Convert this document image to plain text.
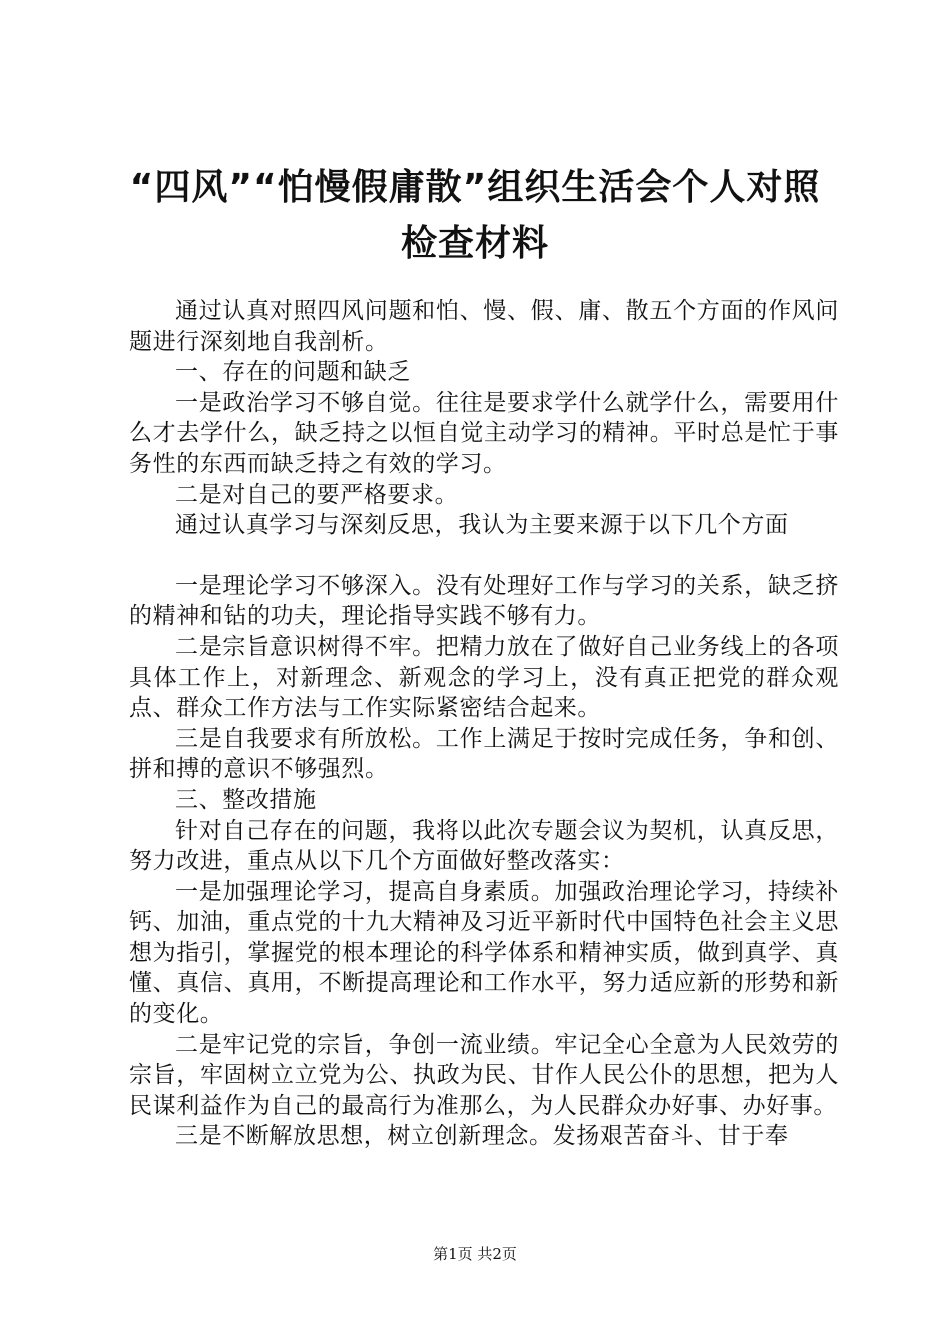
“四风”“怕慢假庸散”组织生活会个人对照
检查材料

通过认真对照四风问题和怕、慢、假、庸、散五个方面的作风问题进行深刻地自我剖析。

一、存在的问题和缺乏

一是政治学习不够自觉。往往是要求学什么就学什么，需要用什么才去学什么，缺乏持之以恒自觉主动学习的精神。平时总是忙于事务性的东西而缺乏持之有效的学习。

二是对自己的要严格要求。

通过认真学习与深刻反思，我认为主要来源于以下几个方面

一是理论学习不够深入。没有处理好工作与学习的关系，缺乏挤的精神和钻的功夫，理论指导实践不够有力。

二是宗旨意识树得不牢。把精力放在了做好自己业务线上的各项具体工作上，对新理念、新观念的学习上，没有真正把党的群众观点、群众工作方法与工作实际紧密结合起来。

三是自我要求有所放松。工作上满足于按时完成任务，争和创、拼和搏的意识不够强烈。

三、整改措施

针对自己存在的问题，我将以此次专题会议为契机，认真反思，努力改进，重点从以下几个方面做好整改落实：

一是加强理论学习，提高自身素质。加强政治理论学习，持续补钙、加油，重点党的十九大精神及习近平新时代中国特色社会主义思想为指引，掌握党的根本理论的科学体系和精神实质，做到真学、真懂、真信、真用，不断提高理论和工作水平，努力适应新的形势和新的变化。

二是牢记党的宗旨，争创一流业绩。牢记全心全意为人民效劳的宗旨，牢固树立立党为公、执政为民、甘作人民公仆的思想，把为人民谋利益作为自己的最高行为准那么，为人民群众办好事、办好事。

三是不断解放思想，树立创新理念。发扬艰苦奋斗、甘于奉

第1页 共2页
